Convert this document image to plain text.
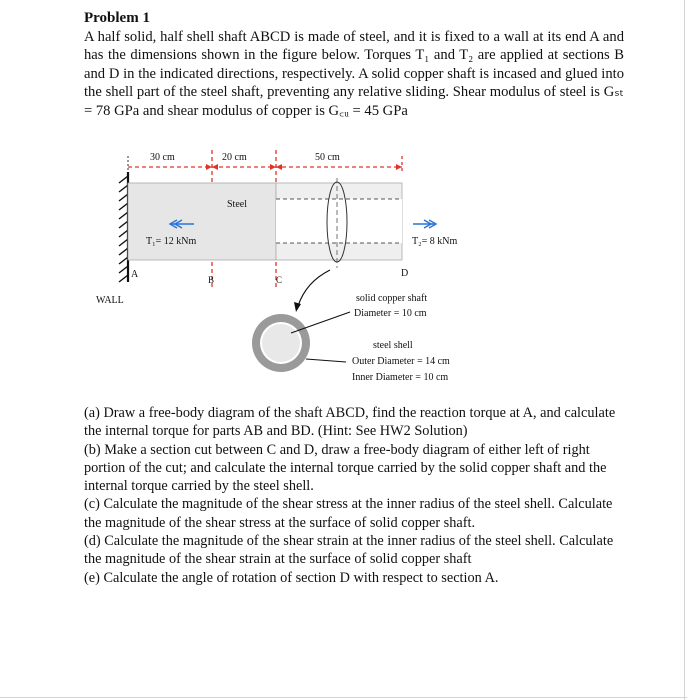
Problem 1

A half solid, half shell shaft ABCD is made of steel, and it is fixed to a wall at its end A and has the dimensions shown in the figure below. Torques T₁ and T₂ are applied at sections B and D in the indicated directions, respectively. A solid copper shaft is incased and glued into the shell part of the steel shaft, preventing any relative sliding. Shear modulus of steel is Gₛₜ = 78 GPa and shear modulus of copper is G꜀ᵤ = 45 GPa

30 cm	20 cm	50 cm
Steel
T₁= 12 kNm	T₂= 8 kNm
A	B	C
D
WALL	solid copper shaft
Diameter = 10 cm
steel shell
Outer Diameter = 14 cm
Inner Diameter = 10 cm

(a) Draw a free-body diagram of the shaft ABCD, find the reaction torque at A, and calculate the internal torque for parts AB and BD. (Hint: See HW2 Solution)

(b) Make a section cut between C and D, draw a free-body diagram of either left of right portion of the cut; and calculate the internal torque carried by the solid copper shaft and the internal torque carried by the steel shell.

(c) Calculate the magnitude of the shear stress at the inner radius of the steel shell. Calculate the magnitude of the shear stress at the surface of solid copper shaft.

(d) Calculate the magnitude of the shear strain at the inner radius of the steel shell. Calculate the magnitude of the shear strain at the surface of solid copper shaft

(e) Calculate the angle of rotation of section D with respect to section A.
